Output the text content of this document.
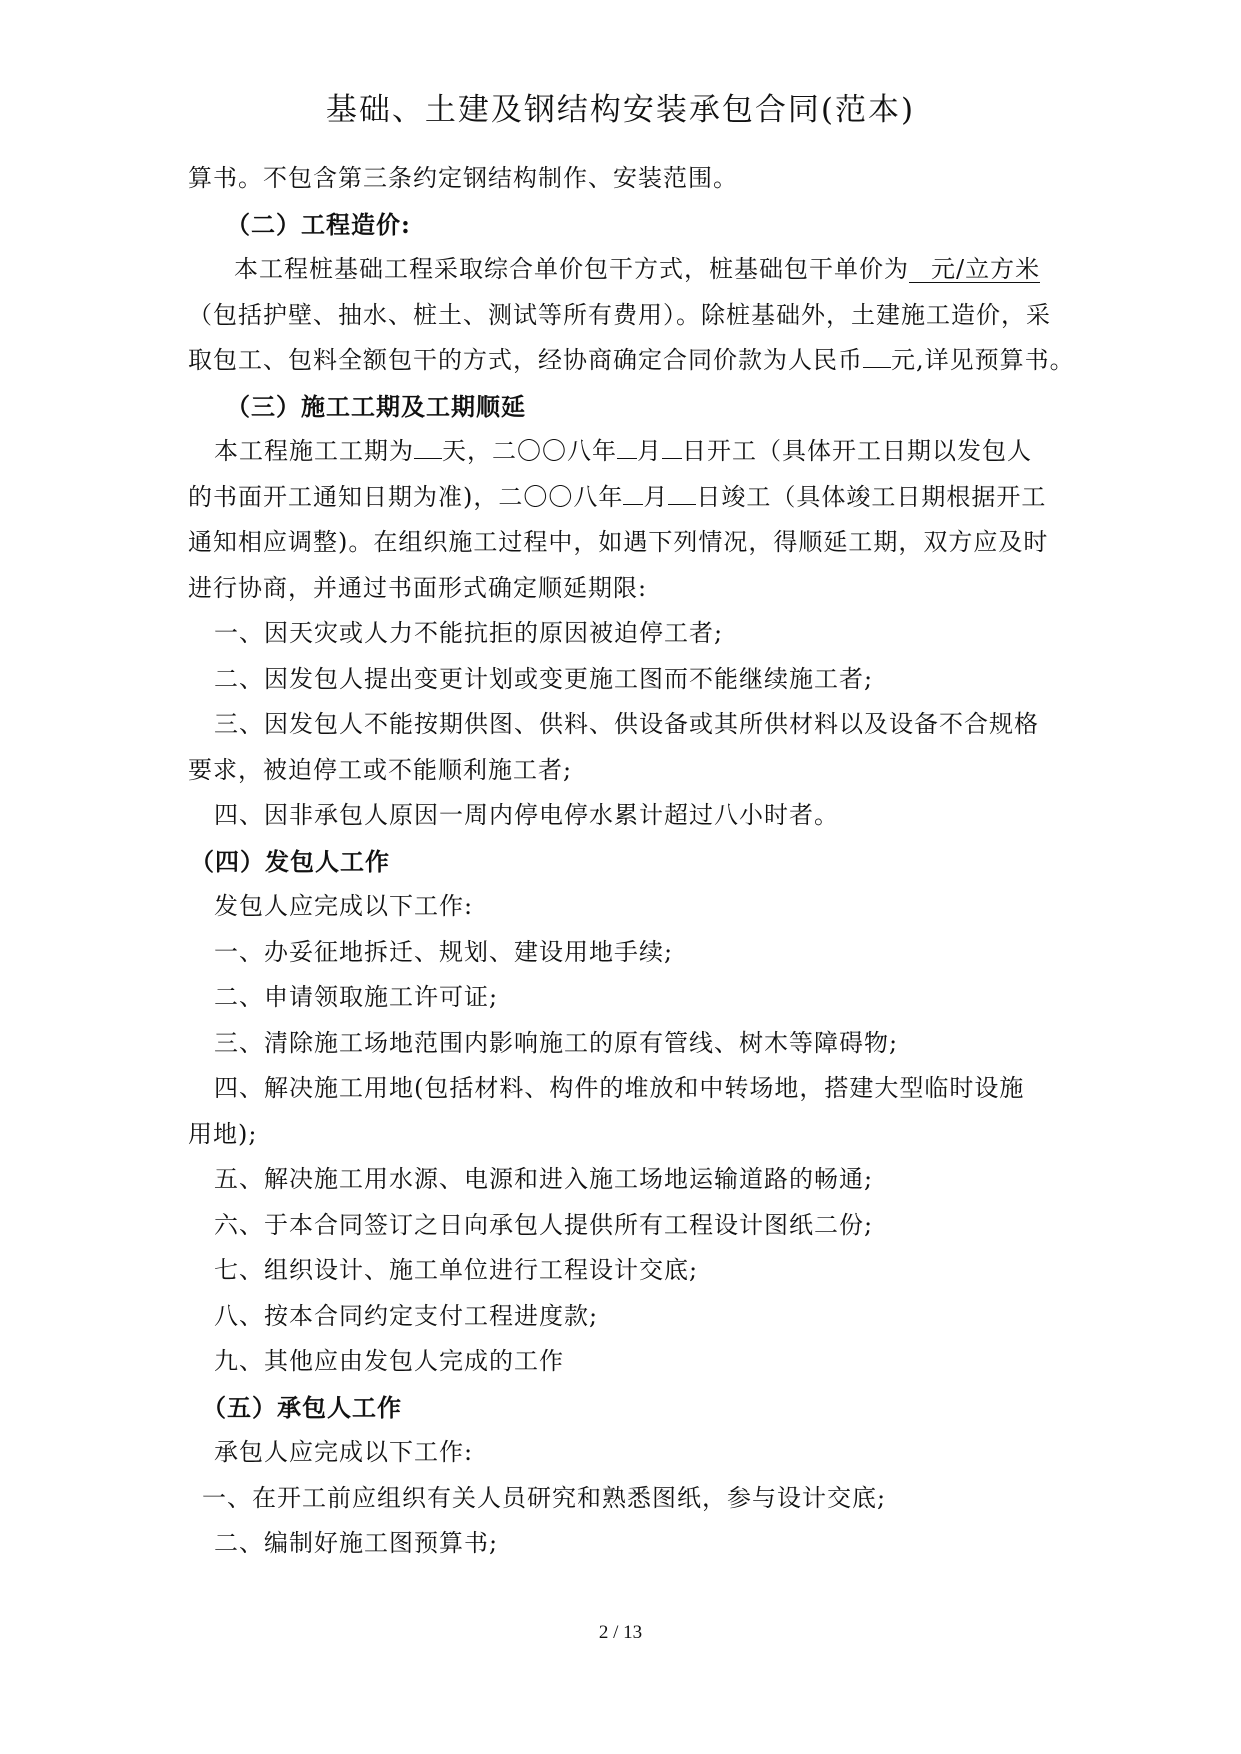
基础、土建及钢结构安装承包合同(范本)
算书。不包含第三条约定钢结构制作、安装范围。
（二）工程造价:
本工程桩基础工程采取综合单价包干方式，桩基础包干单价为 元/立方米
（包括护壁、抽水、桩土、测试等所有费用）。除桩基础外，土建施工造价，采
取包工、包料全额包干的方式，经协商确定合同价款为人民币 元,详见预算书。
（三）施工工期及工期顺延
本工程施工工期为 天，二〇〇八年 月 日开工（具体开工日期以发包人
的书面开工通知日期为准)，二〇〇八年 月 日竣工（具体竣工日期根据开工
通知相应调整)。在组织施工过程中，如遇下列情况，得顺延工期，双方应及时
进行协商，并通过书面形式确定顺延期限:
一、因天灾或人力不能抗拒的原因被迫停工者;
二、因发包人提出变更计划或变更施工图而不能继续施工者;
三、因发包人不能按期供图、供料、供设备或其所供材料以及设备不合规格
要求，被迫停工或不能顺利施工者;
四、因非承包人原因一周内停电停水累计超过八小时者。
（四）发包人工作
发包人应完成以下工作:
一、办妥征地拆迁、规划、建设用地手续;
二、申请领取施工许可证;
三、清除施工场地范围内影响施工的原有管线、树木等障碍物;
四、解决施工用地(包括材料、构件的堆放和中转场地，搭建大型临时设施
用地);
五、解决施工用水源、电源和进入施工场地运输道路的畅通;
六、于本合同签订之日向承包人提供所有工程设计图纸二份;
七、组织设计、施工单位进行工程设计交底;
八、按本合同约定支付工程进度款;
九、其他应由发包人完成的工作
（五）承包人工作
承包人应完成以下工作:
一、在开工前应组织有关人员研究和熟悉图纸，参与设计交底;
二、编制好施工图预算书;
2 / 13
